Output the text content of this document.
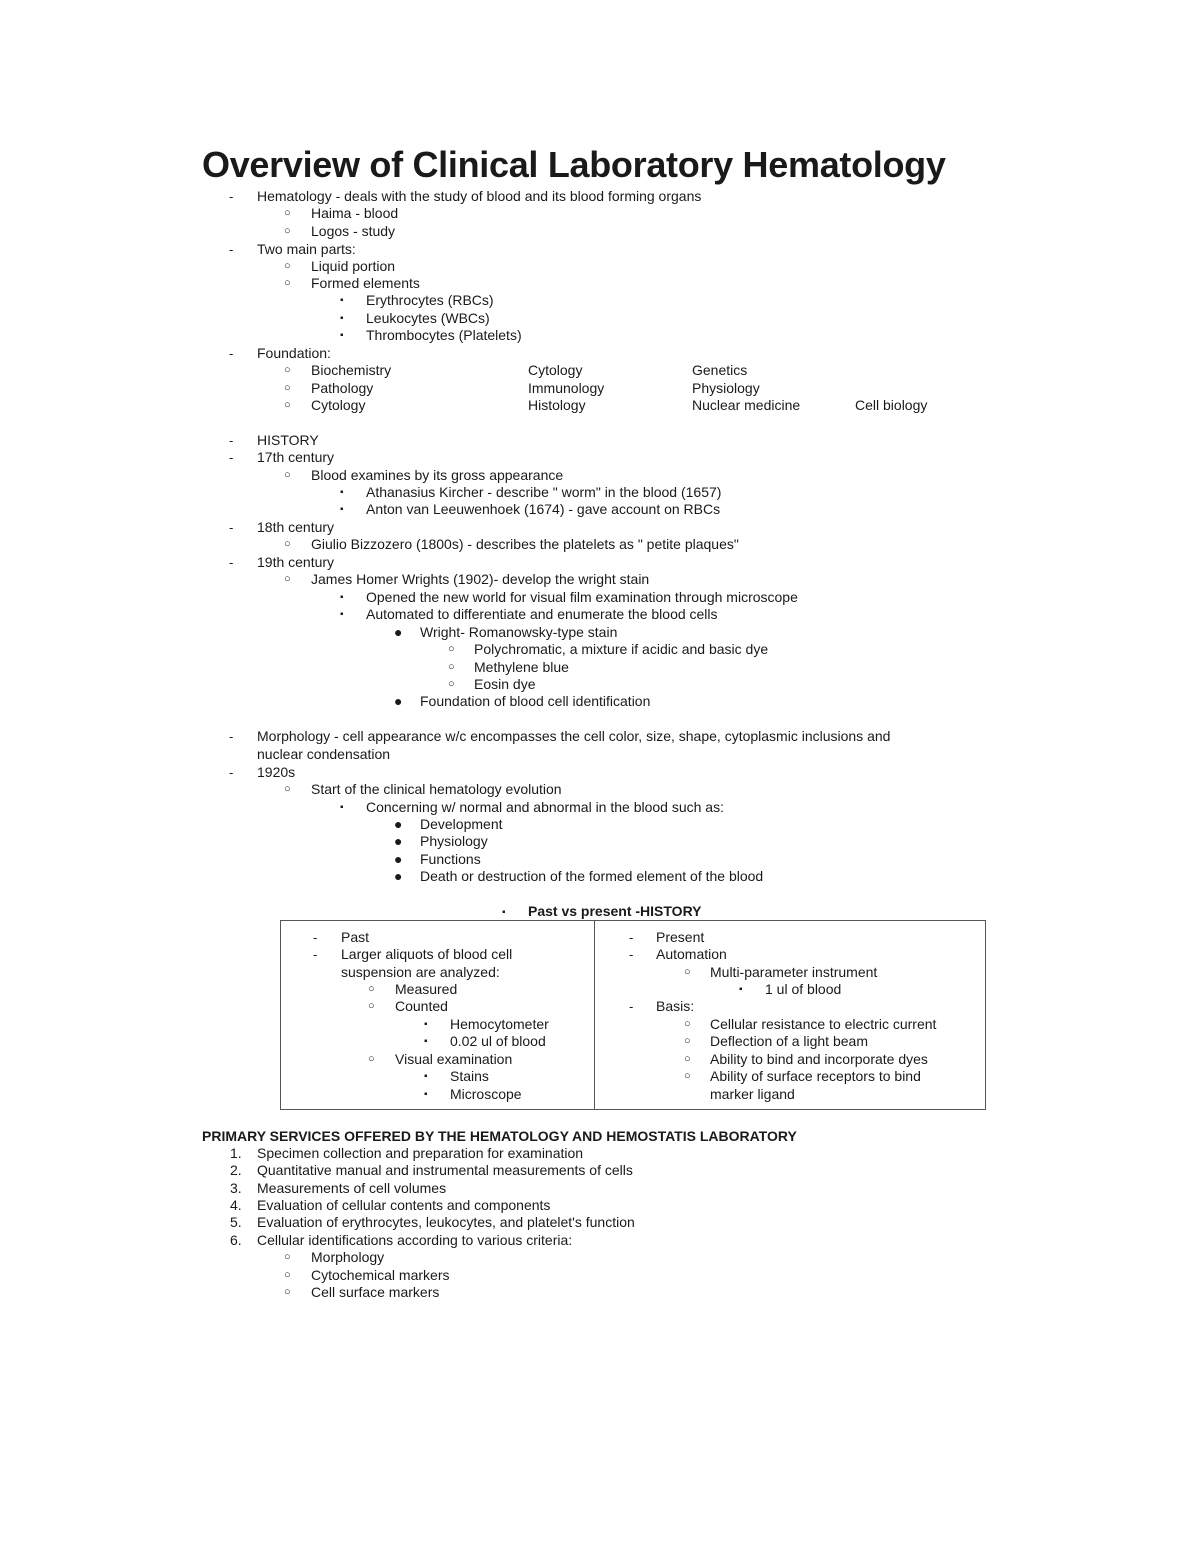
Overview of Clinical Laboratory Hematology
- Hematology - deals with the study of blood and its blood forming organs
○ Haima - blood
○ Logos - study
- Two main parts:
○ Liquid portion
○ Formed elements
▪ Erythrocytes (RBCs)
▪ Leukocytes (WBCs)
▪ Thrombocytes (Platelets)
- Foundation:
○ Biochemistry	Cytology	Genetics
○ Pathology	Immunology	Physiology
○ Cytology	Histology	Nuclear medicine	Cell biology
- HISTORY
- 17th century
○ Blood examines by its gross appearance
▪ Athanasius Kircher - describe " worm" in the blood (1657)
▪ Anton van Leeuwenhoek (1674) - gave account on RBCs
- 18th century
○ Giulio Bizzozero (1800s) - describes the platelets as " petite plaques"
- 19th century
○ James Homer Wrights (1902)- develop the wright stain
▪ Opened the new world for visual film examination through microscope
▪ Automated to differentiate and enumerate the blood cells
● Wright- Romanowsky-type stain
○ Polychromatic, a mixture if acidic and basic dye
○ Methylene blue
○ Eosin dye
● Foundation of blood cell identification
- Morphology - cell appearance w/c encompasses the cell color, size, shape, cytoplasmic inclusions and
nuclear condensation
- 1920s
○ Start of the clinical hematology evolution
▪ Concerning w/ normal and abnormal in the blood such as:
● Development
● Physiology
● Functions
● Death or destruction of the formed element of the blood
▪ Past vs present -HISTORY
- Past
- Larger aliquots of blood cell
suspension are analyzed:
○ Measured
○ Counted
▪ Hemocytometer
▪ 0.02 ul of blood
○ Visual examination
▪ Stains
▪ Microscope
- Present
- Automation
○ Multi-parameter instrument
▪ 1 ul of blood
- Basis:
○ Cellular resistance to electric current
○ Deflection of a light beam
○ Ability to bind and incorporate dyes
○ Ability of surface receptors to bind
marker ligand
PRIMARY SERVICES OFFERED BY THE HEMATOLOGY AND HEMOSTATIS LABORATORY
1. Specimen collection and preparation for examination
2. Quantitative manual and instrumental measurements of cells
3. Measurements of cell volumes
4. Evaluation of cellular contents and components
5. Evaluation of erythrocytes, leukocytes, and platelet's function
6. Cellular identifications according to various criteria:
○ Morphology
○ Cytochemical markers
○ Cell surface markers
